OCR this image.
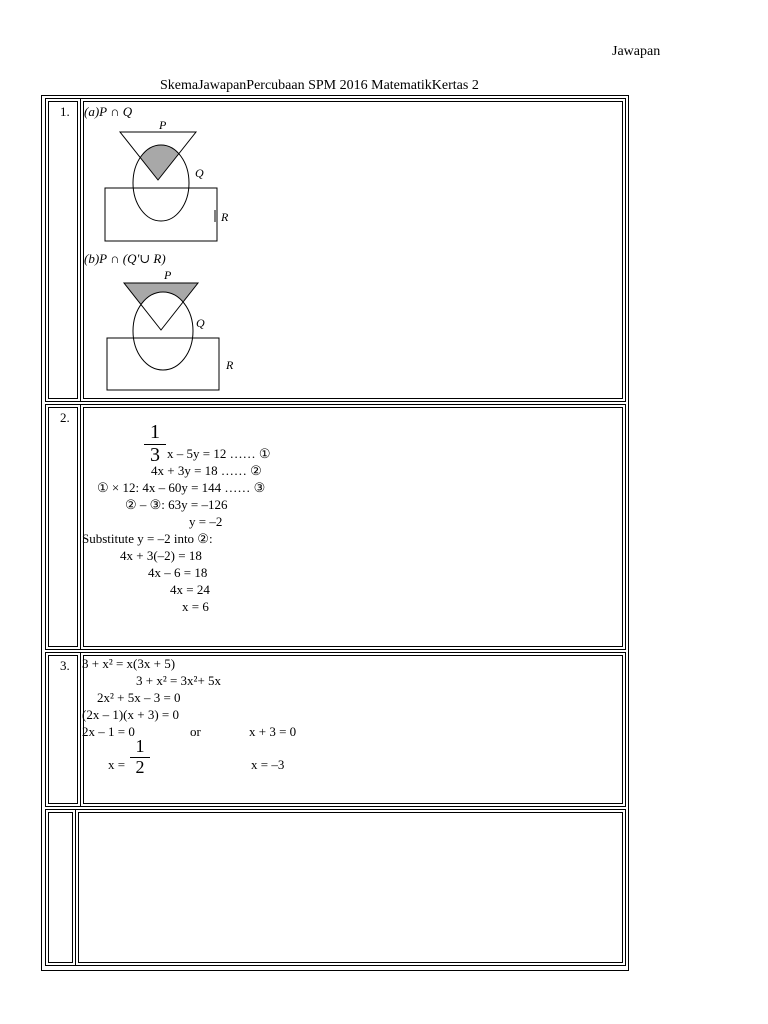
Jawapan
SkemaJawapanPercubaan SPM 2016 MatematikKertas 2
1. (a)P ∩ Q
P
Q
R
(b)P ∩ (Q'∪ R)
P
Q
R
2.
$\frac{1}{3}$ x – 5y = 12 …… ①
4x + 3y = 18 …… ②
① × 12: 4x – 60y = 144 …… ③
② – ③: 63y = –126
y = –2
Substitute y = –2 into ②:
4x + 3(–2) = 18
4x – 6 = 18
4x = 24
x = 6
3. 3 + x² = x(3x + 5)
3 + x² = 3x²+ 5x
2x² + 5x – 3 = 0
(2x – 1)(x + 3) = 0
2x – 1 = 0	or	x + 3 = 0
$x = \frac{1}{2}$	x = –3
